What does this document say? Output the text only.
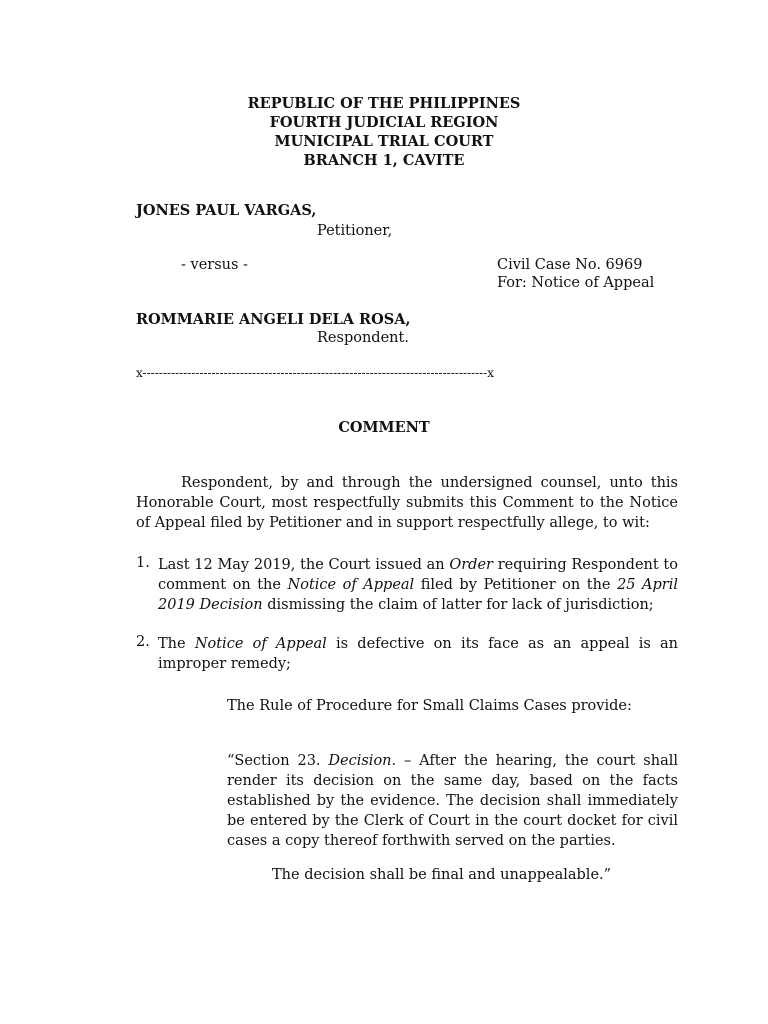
REPUBLIC OF THE PHILIPPINES
FOURTH JUDICIAL REGION
MUNICIPAL TRIAL COURT
BRANCH 1, CAVITE
JONES PAUL VARGAS,
Petitioner,
- versus -	Civil Case No. 6969
For: Notice of Appeal
ROMMARIE ANGELI DELA ROSA,
Respondent.
x-------------------------------------------------------------------------------------x
COMMENT
Respondent, by and through the undersigned counsel, unto this
Honorable Court, most respectfully submits this Comment to the Notice
of Appeal filed by Petitioner and in support respectfully allege, to wit:
1. Last 12 May 2019, the Court issued an Order requiring Respondent to
comment on the Notice of Appeal filed by Petitioner on the 25 April
2019 Decision dismissing the claim of latter for lack of jurisdiction;
2. The Notice of Appeal is defective on its face as an appeal is an
improper remedy;
The Rule of Procedure for Small Claims Cases provide:
“Section 23. Decision. – After the hearing, the court shall
render its decision on the same day, based on the facts
established by the evidence. The decision shall immediately
be entered by the Clerk of Court in the court docket for civil
cases a copy thereof forthwith served on the parties.
The decision shall be final and unappealable.”
